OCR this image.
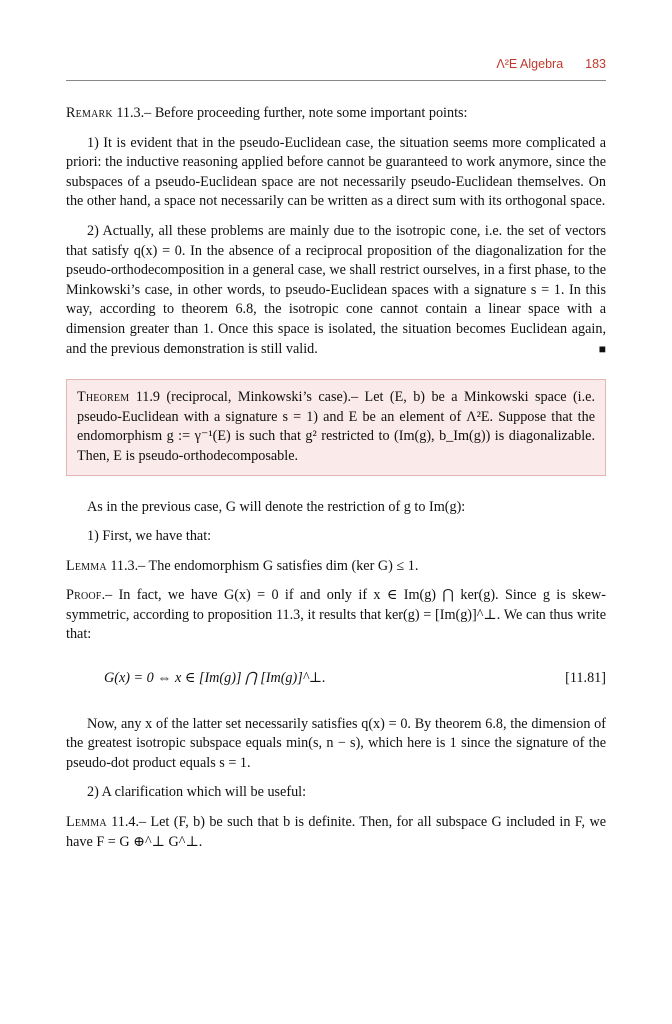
Λ²E Algebra 183

Remark 11.3.– Before proceeding further, note some important points:

1) It is evident that in the pseudo-Euclidean case, the situation seems more complicated a priori: the inductive reasoning applied before cannot be guaranteed to work anymore, since the subspaces of a pseudo-Euclidean space are not necessarily pseudo-Euclidean themselves. On the other hand, a space not necessarily can be written as a direct sum with its orthogonal space.

2) Actually, all these problems are mainly due to the isotropic cone, i.e. the set of vectors that satisfy q(x) = 0. In the absence of a reciprocal proposition of the diagonalization for the pseudo-orthodecomposition in a general case, we shall restrict ourselves, in a first phase, to the Minkowski’s case, in other words, to pseudo-Euclidean spaces with a signature s = 1. In this way, according to theorem 6.8, the isotropic cone cannot contain a linear space with a dimension greater than 1. Once this space is isolated, the situation becomes Euclidean again, and the previous demonstration is still valid.	■

Theorem 11.9 (reciprocal, Minkowski’s case).– Let (E, b) be a Minkowski space (i.e. pseudo-Euclidean with a signature s = 1) and E be an element of Λ²E. Suppose that the endomorphism g := γ⁻¹(E) is such that g² restricted to (Im(g), b_Im(g)) is diagonalizable. Then, E is pseudo-orthodecomposable.

As in the previous case, G will denote the restriction of g to Im(g):

1) First, we have that:

Lemma 11.3.– The endomorphism G satisfies dim (ker G) ≤ 1.

Proof.– In fact, we have G(x) = 0 if and only if x ∈ Im(g) ⋂ ker(g). Since g is skew-symmetric, according to proposition 11.3, it results that ker(g) = [Im(g)]^⊥. We can thus write that:

G(x) = 0 ⇔ x ∈ [Im(g)] ⋂ [Im(g)]^⊥.	[11.81]

Now, any x of the latter set necessarily satisfies q(x) = 0. By theorem 6.8, the dimension of the greatest isotropic subspace equals min(s, n − s), which here is 1 since the signature of the pseudo-dot product equals s = 1.

2) A clarification which will be useful:

Lemma 11.4.– Let (F, b) be such that b is definite. Then, for all subspace G included in F, we have F = G ⊕^⊥ G^⊥.
